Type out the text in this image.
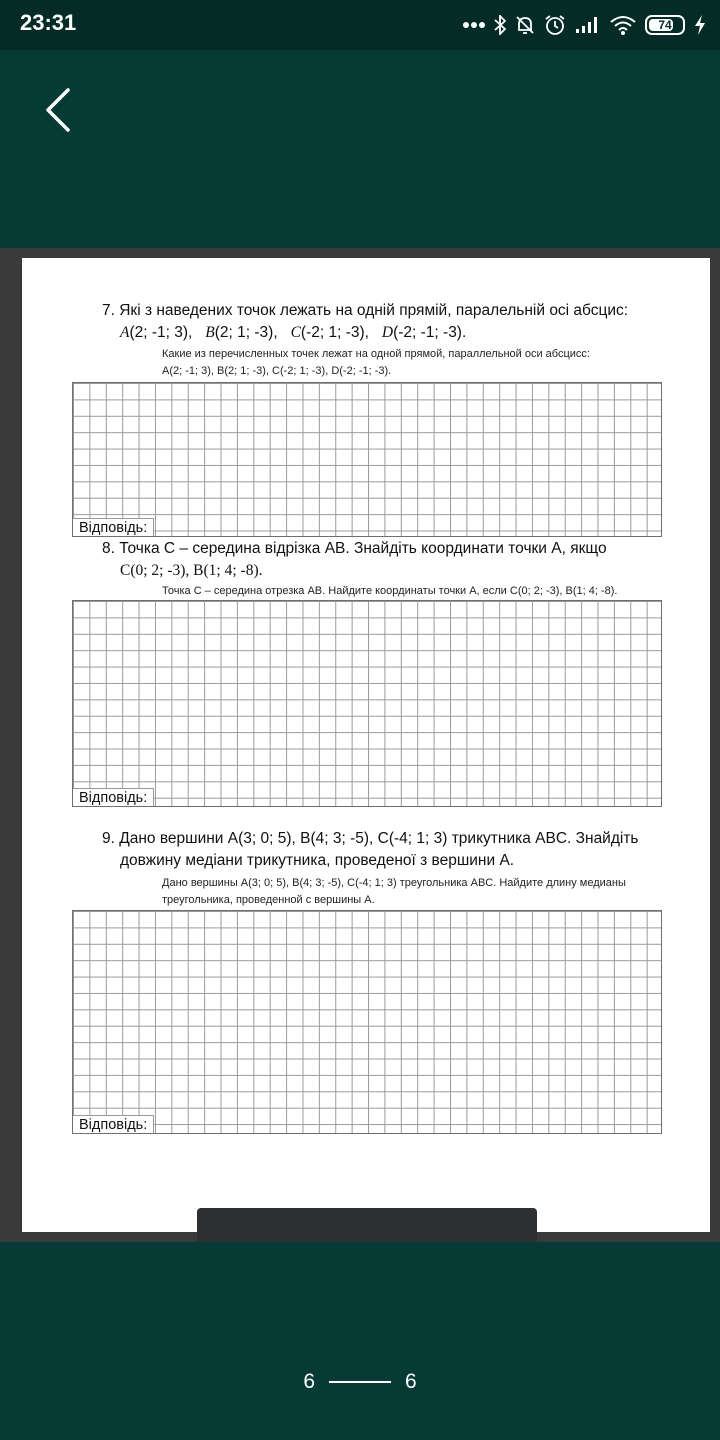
23:31	74
7. Які з наведених точок лежать на одній прямій, паралельній осі абсцис:
A(2; -1; 3), B(2; 1; -3), C(-2; 1; -3), D(-2; -1; -3).
Какие из перечисленных точек лежат на одной прямой, параллельной оси абсцисс:
A(2; -1; 3), B(2; 1; -3), C(-2; 1; -3), D(-2; -1; -3).
Відповідь:
8. Точка C – середина відрізка AB. Знайдіть координати точки A, якщо
C(0; 2; -3), B(1; 4; -8).
Точка C – середина отрезка AB. Найдите координаты точки A, если C(0; 2; -3), B(1; 4; -8).
Відповідь:
9. Дано вершини A(3; 0; 5), B(4; 3; -5), C(-4; 1; 3) трикутника ABC. Знайдіть
довжину медіани трикутника, проведеної з вершини А.
Дано вершины A(3; 0; 5), B(4; 3; -5), C(-4; 1; 3) треугольника ABC. Найдите длину медианы
треугольника, проведенной с вершины A.
Відповідь:
6	6
